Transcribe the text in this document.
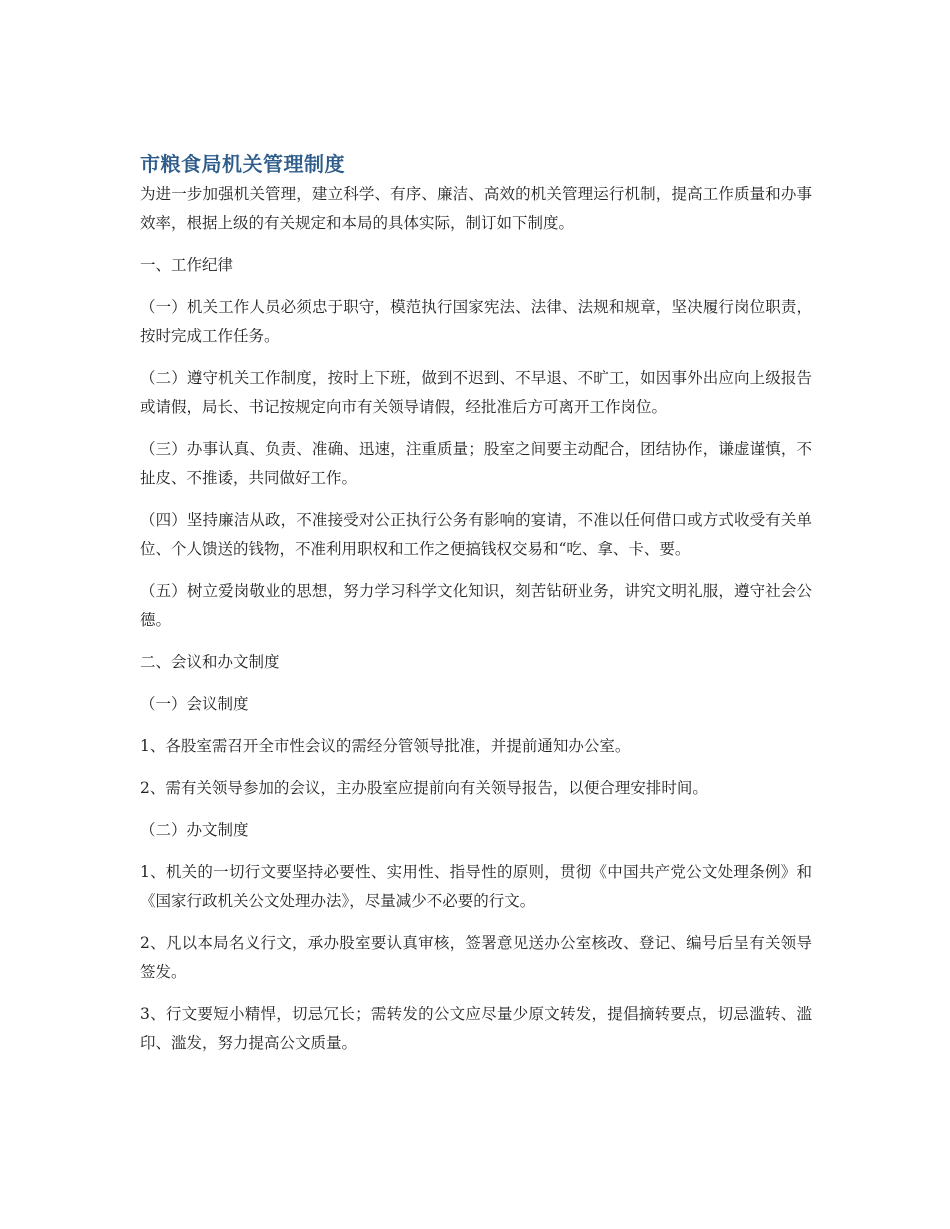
市粮食局机关管理制度

为进一步加强机关管理，建立科学、有序、廉洁、高效的机关管理运行机制，提高工作质量和办事效率，根据上级的有关规定和本局的具体实际，制订如下制度。

一、工作纪律

（一）机关工作人员必须忠于职守，模范执行国家宪法、法律、法规和规章，坚决履行岗位职责，按时完成工作任务。

（二）遵守机关工作制度，按时上下班，做到不迟到、不早退、不旷工，如因事外出应向上级报告或请假，局长、书记按规定向市有关领导请假，经批准后方可离开工作岗位。

（三）办事认真、负责、准确、迅速，注重质量；股室之间要主动配合，团结协作，谦虚谨慎，不扯皮、不推诿，共同做好工作。

（四）坚持廉洁从政，不准接受对公正执行公务有影响的宴请，不准以任何借口或方式收受有关单位、个人馈送的钱物，不准利用职权和工作之便搞钱权交易和“吃、拿、卡、要。

（五）树立爱岗敬业的思想，努力学习科学文化知识，刻苦钻研业务，讲究文明礼服，遵守社会公德。

二、会议和办文制度

（一）会议制度

1、各股室需召开全市性会议的需经分管领导批准，并提前通知办公室。

2、需有关领导参加的会议，主办股室应提前向有关领导报告，以便合理安排时间。

（二）办文制度

1、机关的一切行文要坚持必要性、实用性、指导性的原则，贯彻《中国共产党公文处理条例》和《国家行政机关公文处理办法》，尽量减少不必要的行文。

2、凡以本局名义行文，承办股室要认真审核，签署意见送办公室核改、登记、编号后呈有关领导签发。

3、行文要短小精悍，切忌冗长；需转发的公文应尽量少原文转发，提倡摘转要点，切忌滥转、滥印、滥发，努力提高公文质量。
